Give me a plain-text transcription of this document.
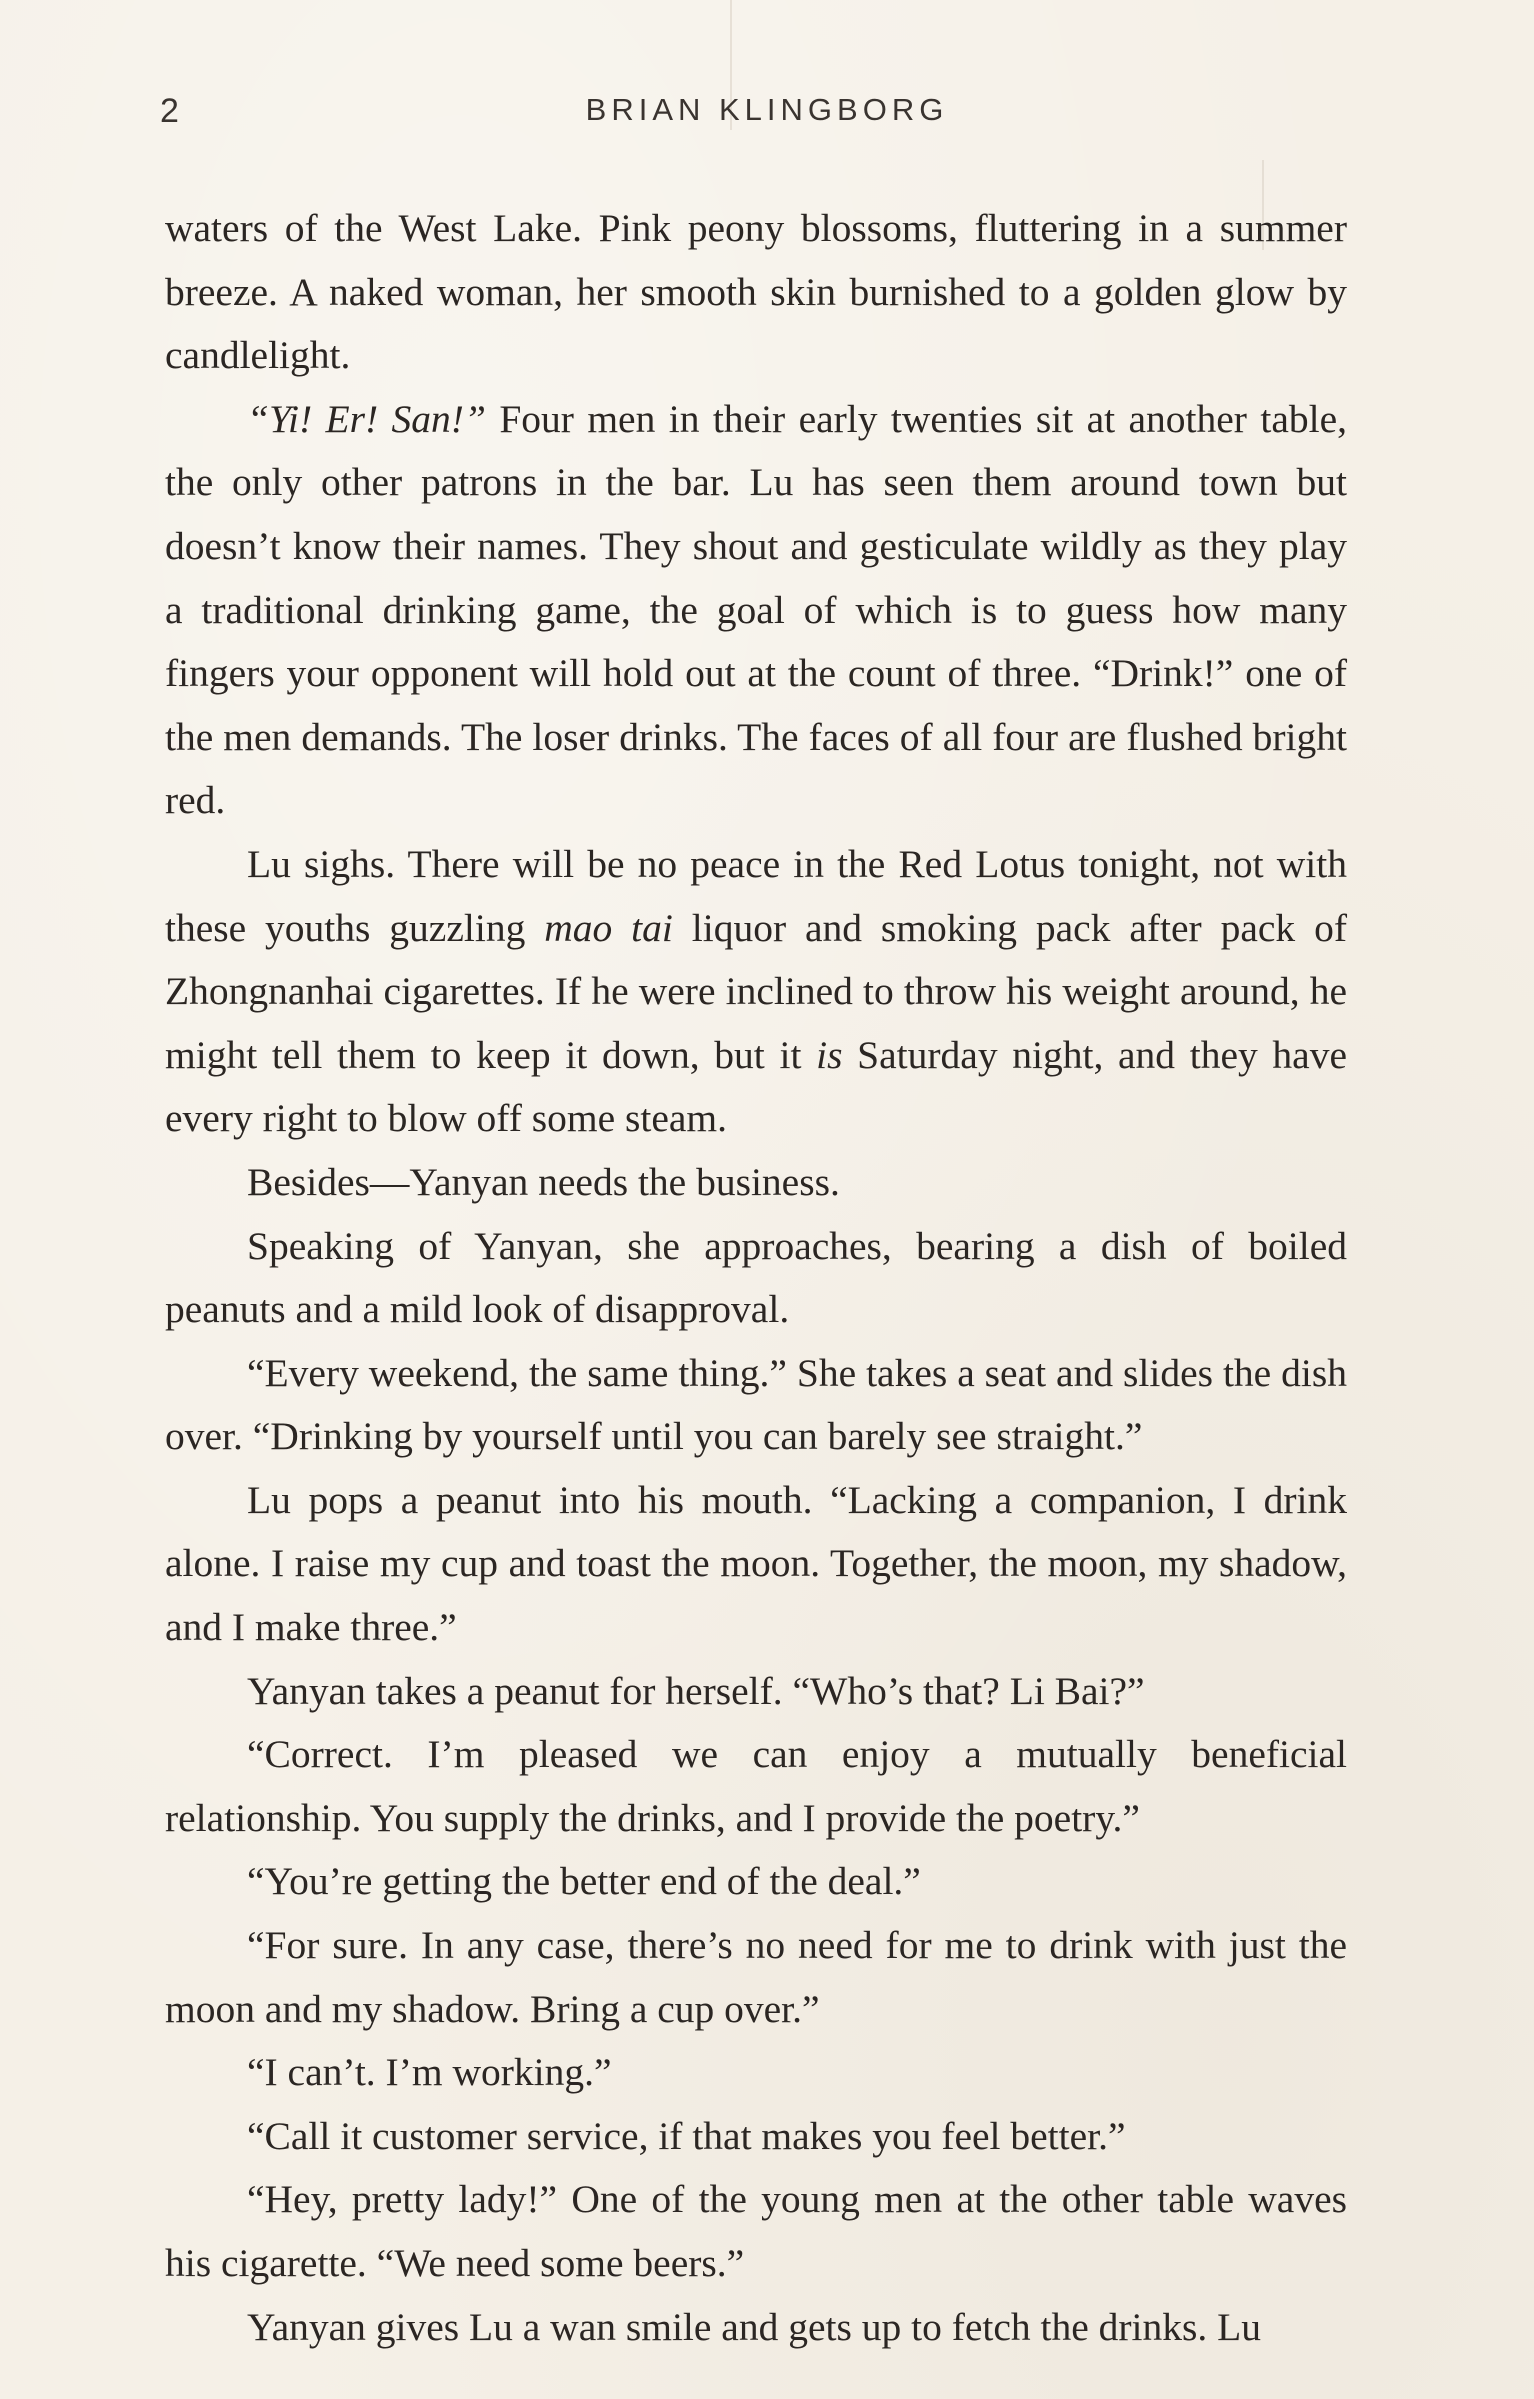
2	BRIAN KLINGBORG

waters of the West Lake. Pink peony blossoms, fluttering in a summer breeze. A naked woman, her smooth skin burnished to a golden glow by candlelight.

“Yi! Er! San!” Four men in their early twenties sit at another table, the only other patrons in the bar. Lu has seen them around town but doesn’t know their names. They shout and gesticulate wildly as they play a traditional drinking game, the goal of which is to guess how many fingers your opponent will hold out at the count of three. “Drink!” one of the men demands. The loser drinks. The faces of all four are flushed bright red.

Lu sighs. There will be no peace in the Red Lotus tonight, not with these youths guzzling mao tai liquor and smoking pack after pack of Zhongnanhai cigarettes. If he were inclined to throw his weight around, he might tell them to keep it down, but it is Saturday night, and they have every right to blow off some steam.

Besides—Yanyan needs the business.

Speaking of Yanyan, she approaches, bearing a dish of boiled peanuts and a mild look of disapproval.

“Every weekend, the same thing.” She takes a seat and slides the dish over. “Drinking by yourself until you can barely see straight.”

Lu pops a peanut into his mouth. “Lacking a companion, I drink alone. I raise my cup and toast the moon. Together, the moon, my shadow, and I make three.”

Yanyan takes a peanut for herself. “Who’s that? Li Bai?”

“Correct. I’m pleased we can enjoy a mutually beneficial relationship. You supply the drinks, and I provide the poetry.”

“You’re getting the better end of the deal.”

“For sure. In any case, there’s no need for me to drink with just the moon and my shadow. Bring a cup over.”

“I can’t. I’m working.”

“Call it customer service, if that makes you feel better.”

“Hey, pretty lady!” One of the young men at the other table waves his cigarette. “We need some beers.”

Yanyan gives Lu a wan smile and gets up to fetch the drinks. Lu
